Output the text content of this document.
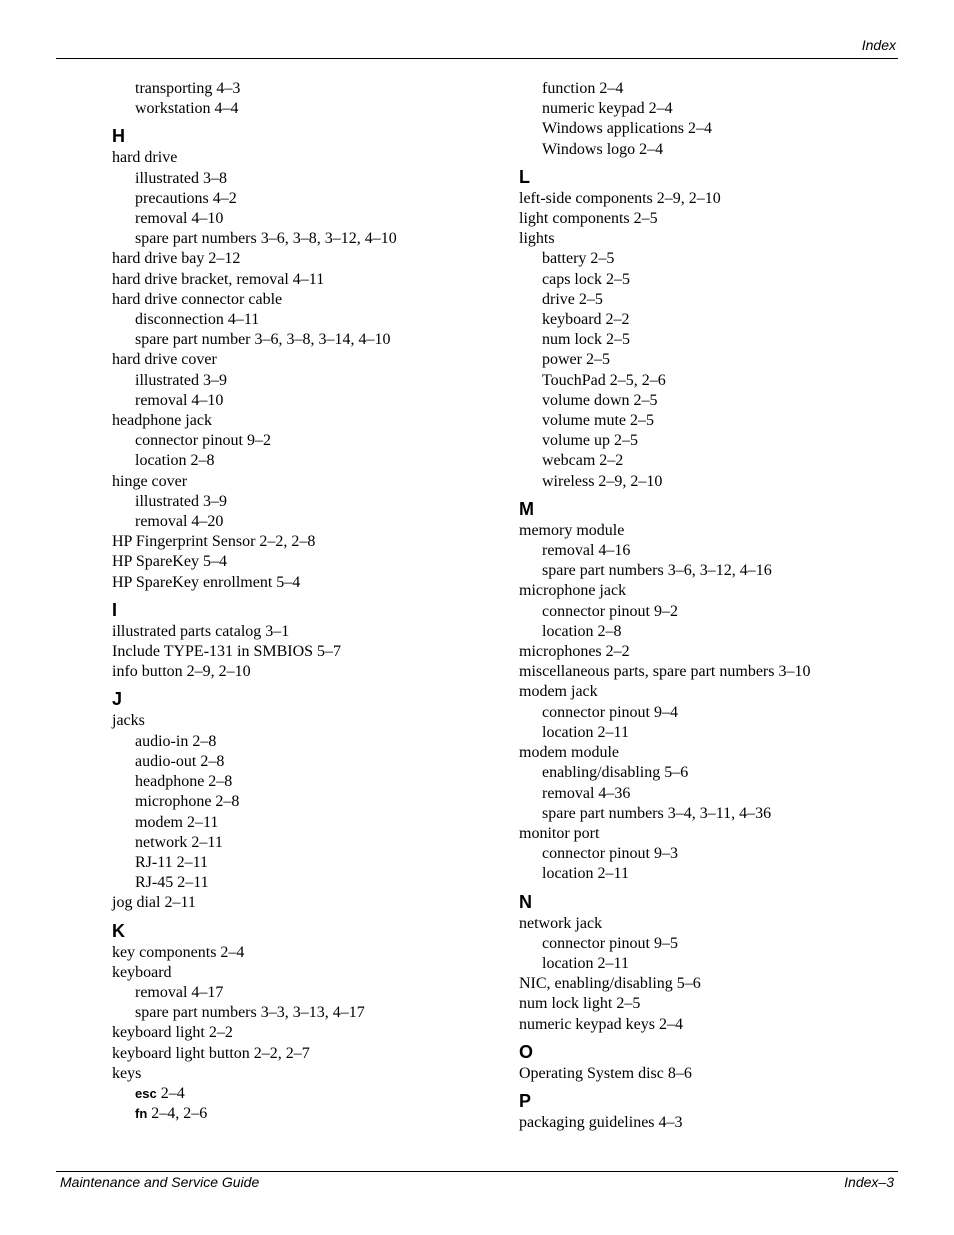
Index
transporting 4–3
workstation 4–4
H
hard drive
illustrated 3–8
precautions 4–2
removal 4–10
spare part numbers 3–6, 3–8, 3–12, 4–10
hard drive bay 2–12
hard drive bracket, removal 4–11
hard drive connector cable
disconnection 4–11
spare part number 3–6, 3–8, 3–14, 4–10
hard drive cover
illustrated 3–9
removal 4–10
headphone jack
connector pinout 9–2
location 2–8
hinge cover
illustrated 3–9
removal 4–20
HP Fingerprint Sensor 2–2, 2–8
HP SpareKey 5–4
HP SpareKey enrollment 5–4
I
illustrated parts catalog 3–1
Include TYPE-131 in SMBIOS 5–7
info button 2–9, 2–10
J
jacks
audio-in 2–8
audio-out 2–8
headphone 2–8
microphone 2–8
modem 2–11
network 2–11
RJ-11 2–11
RJ-45 2–11
jog dial 2–11
K
key components 2–4
keyboard
removal 4–17
spare part numbers 3–3, 3–13, 4–17
keyboard light 2–2
keyboard light button 2–2, 2–7
keys
esc 2–4
fn 2–4, 2–6
function 2–4
numeric keypad 2–4
Windows applications 2–4
Windows logo 2–4
L
left-side components 2–9, 2–10
light components 2–5
lights
battery 2–5
caps lock 2–5
drive 2–5
keyboard 2–2
num lock 2–5
power 2–5
TouchPad 2–5, 2–6
volume down 2–5
volume mute 2–5
volume up 2–5
webcam 2–2
wireless 2–9, 2–10
M
memory module
removal 4–16
spare part numbers 3–6, 3–12, 4–16
microphone jack
connector pinout 9–2
location 2–8
microphones 2–2
miscellaneous parts, spare part numbers 3–10
modem jack
connector pinout 9–4
location 2–11
modem module
enabling/disabling 5–6
removal 4–36
spare part numbers 3–4, 3–11, 4–36
monitor port
connector pinout 9–3
location 2–11
N
network jack
connector pinout 9–5
location 2–11
NIC, enabling/disabling 5–6
num lock light 2–5
numeric keypad keys 2–4
O
Operating System disc 8–6
P
packaging guidelines 4–3
Maintenance and Service Guide	Index–3
